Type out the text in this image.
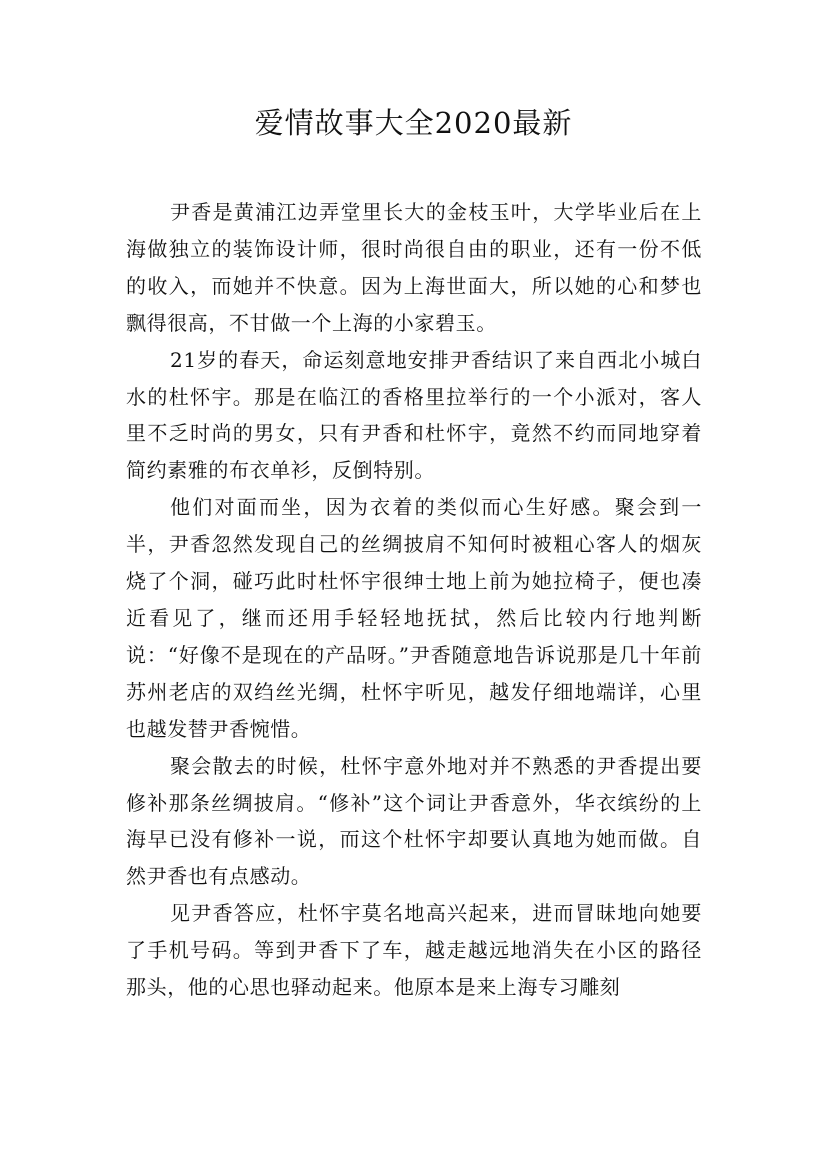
爱情故事大全2020最新

尹香是黄浦江边弄堂里长大的金枝玉叶，大学毕业后在上海做独立的装饰设计师，很时尚很自由的职业，还有一份不低的收入，而她并不快意。因为上海世面大，所以她的心和梦也飘得很高，不甘做一个上海的小家碧玉。

21岁的春天，命运刻意地安排尹香结识了来自西北小城白水的杜怀宇。那是在临江的香格里拉举行的一个小派对，客人里不乏时尚的男女，只有尹香和杜怀宇，竟然不约而同地穿着简约素雅的布衣单衫，反倒特别。

他们对面而坐，因为衣着的类似而心生好感。聚会到一半，尹香忽然发现自己的丝绸披肩不知何时被粗心客人的烟灰烧了个洞，碰巧此时杜怀宇很绅士地上前为她拉椅子，便也凑近看见了，继而还用手轻轻地抚拭，然后比较内行地判断说：“好像不是现在的产品呀。”尹香随意地告诉说那是几十年前苏州老店的双绉丝光绸，杜怀宇听见，越发仔细地端详，心里也越发替尹香惋惜。

聚会散去的时候，杜怀宇意外地对并不熟悉的尹香提出要修补那条丝绸披肩。“修补”这个词让尹香意外，华衣缤纷的上海早已没有修补一说，而这个杜怀宇却要认真地为她而做。自然尹香也有点感动。

见尹香答应，杜怀宇莫名地高兴起来，进而冒昧地向她要了手机号码。等到尹香下了车，越走越远地消失在小区的路径那头，他的心思也驿动起来。他原本是来上海专习雕刻
